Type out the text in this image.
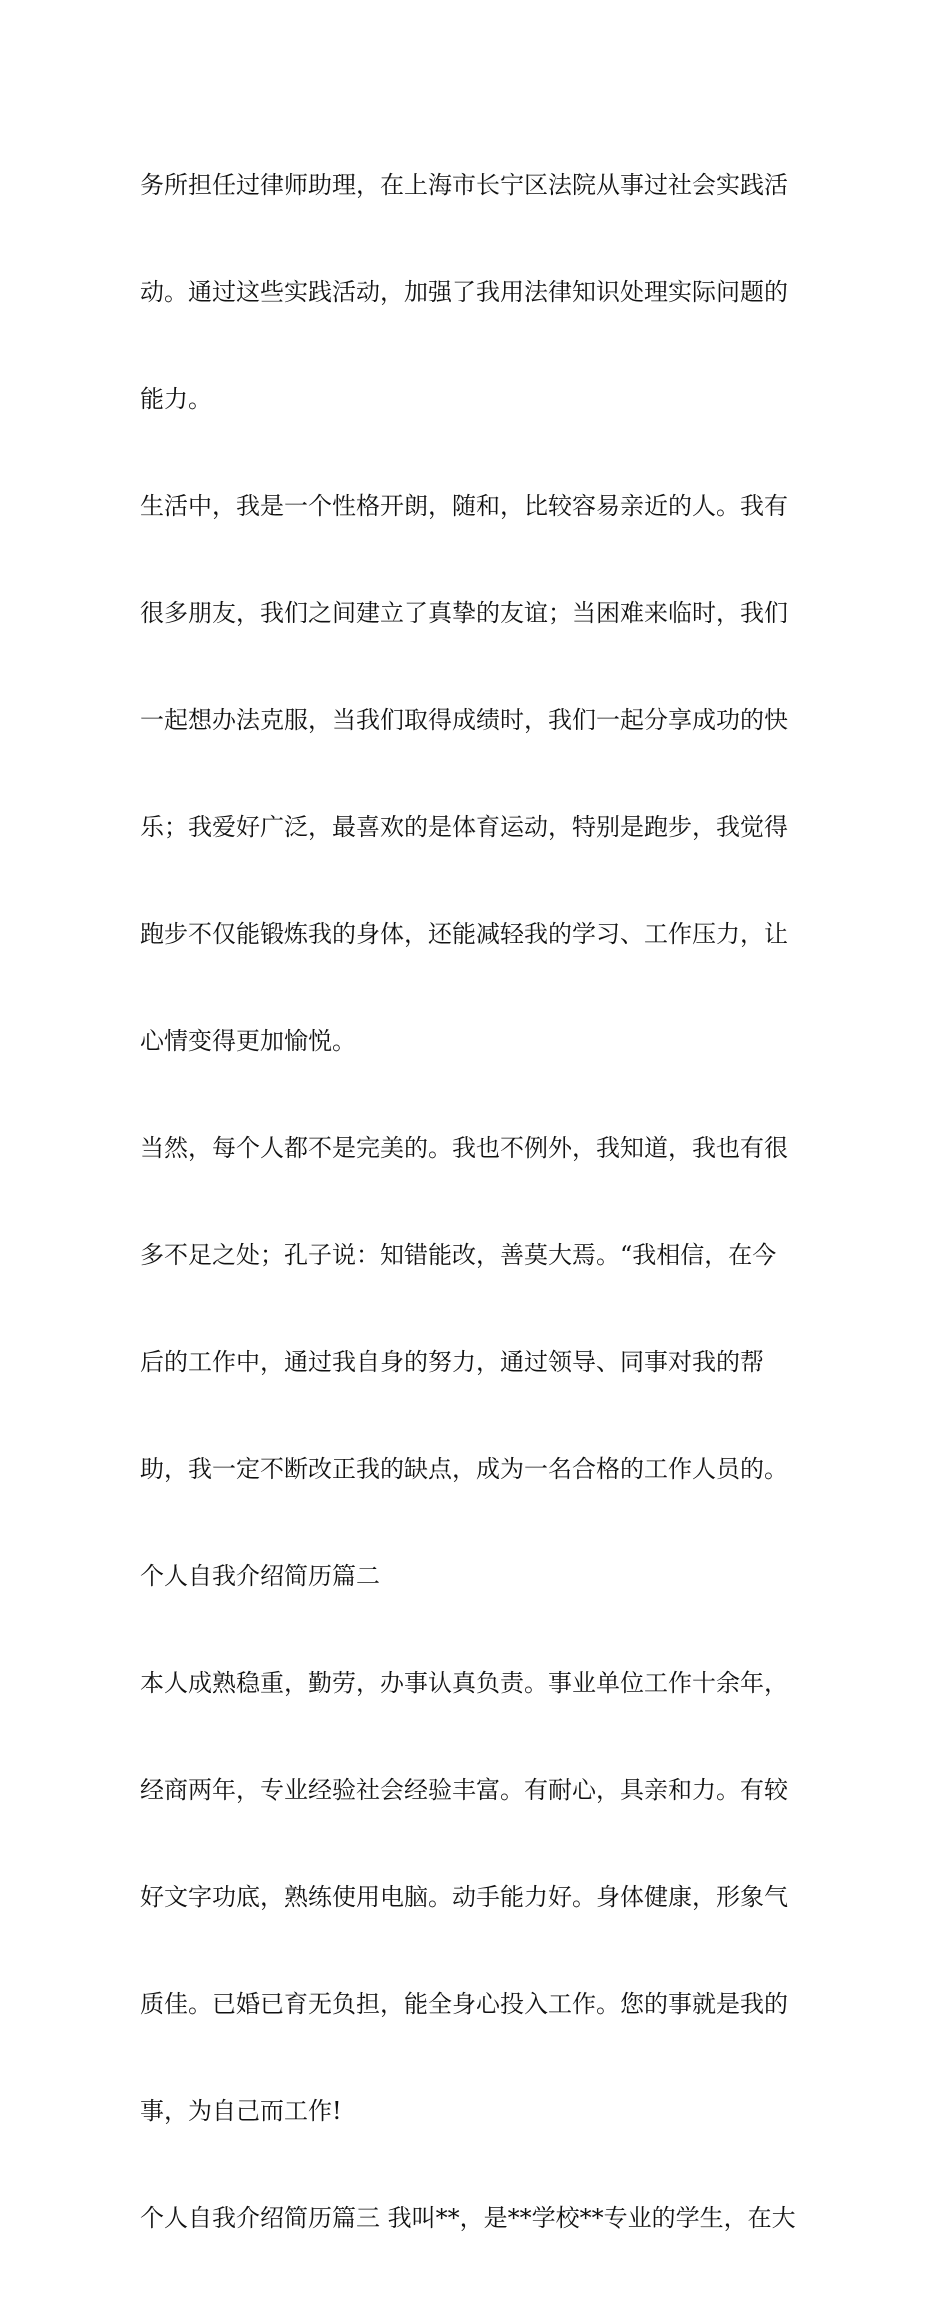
务所担任过律师助理，在上海市长宁区法院从事过社会实践活

动。通过这些实践活动，加强了我用法律知识处理实际问题的

能力。

生活中，我是一个性格开朗，随和，比较容易亲近的人。我有

很多朋友，我们之间建立了真挚的友谊；当困难来临时，我们

一起想办法克服，当我们取得成绩时，我们一起分享成功的快

乐；我爱好广泛，最喜欢的是体育运动，特别是跑步，我觉得

跑步不仅能锻炼我的身体，还能减轻我的学习、工作压力，让

心情变得更加愉悦。

当然，每个人都不是完美的。我也不例外，我知道，我也有很

多不足之处；孔子说：知错能改，善莫大焉。“我相信，在今

后的工作中，通过我自身的努力，通过领导、同事对我的帮

助，我一定不断改正我的缺点，成为一名合格的工作人员的。

个人自我介绍简历篇二

本人成熟稳重，勤劳，办事认真负责。事业单位工作十余年，

经商两年，专业经验社会经验丰富。有耐心，具亲和力。有较

好文字功底，熟练使用电脑。动手能力好。身体健康，形象气

质佳。已婚已育无负担，能全身心投入工作。您的事就是我的

事，为自己而工作!

个人自我介绍简历篇三 我叫**，是**学校**专业的学生，在大
